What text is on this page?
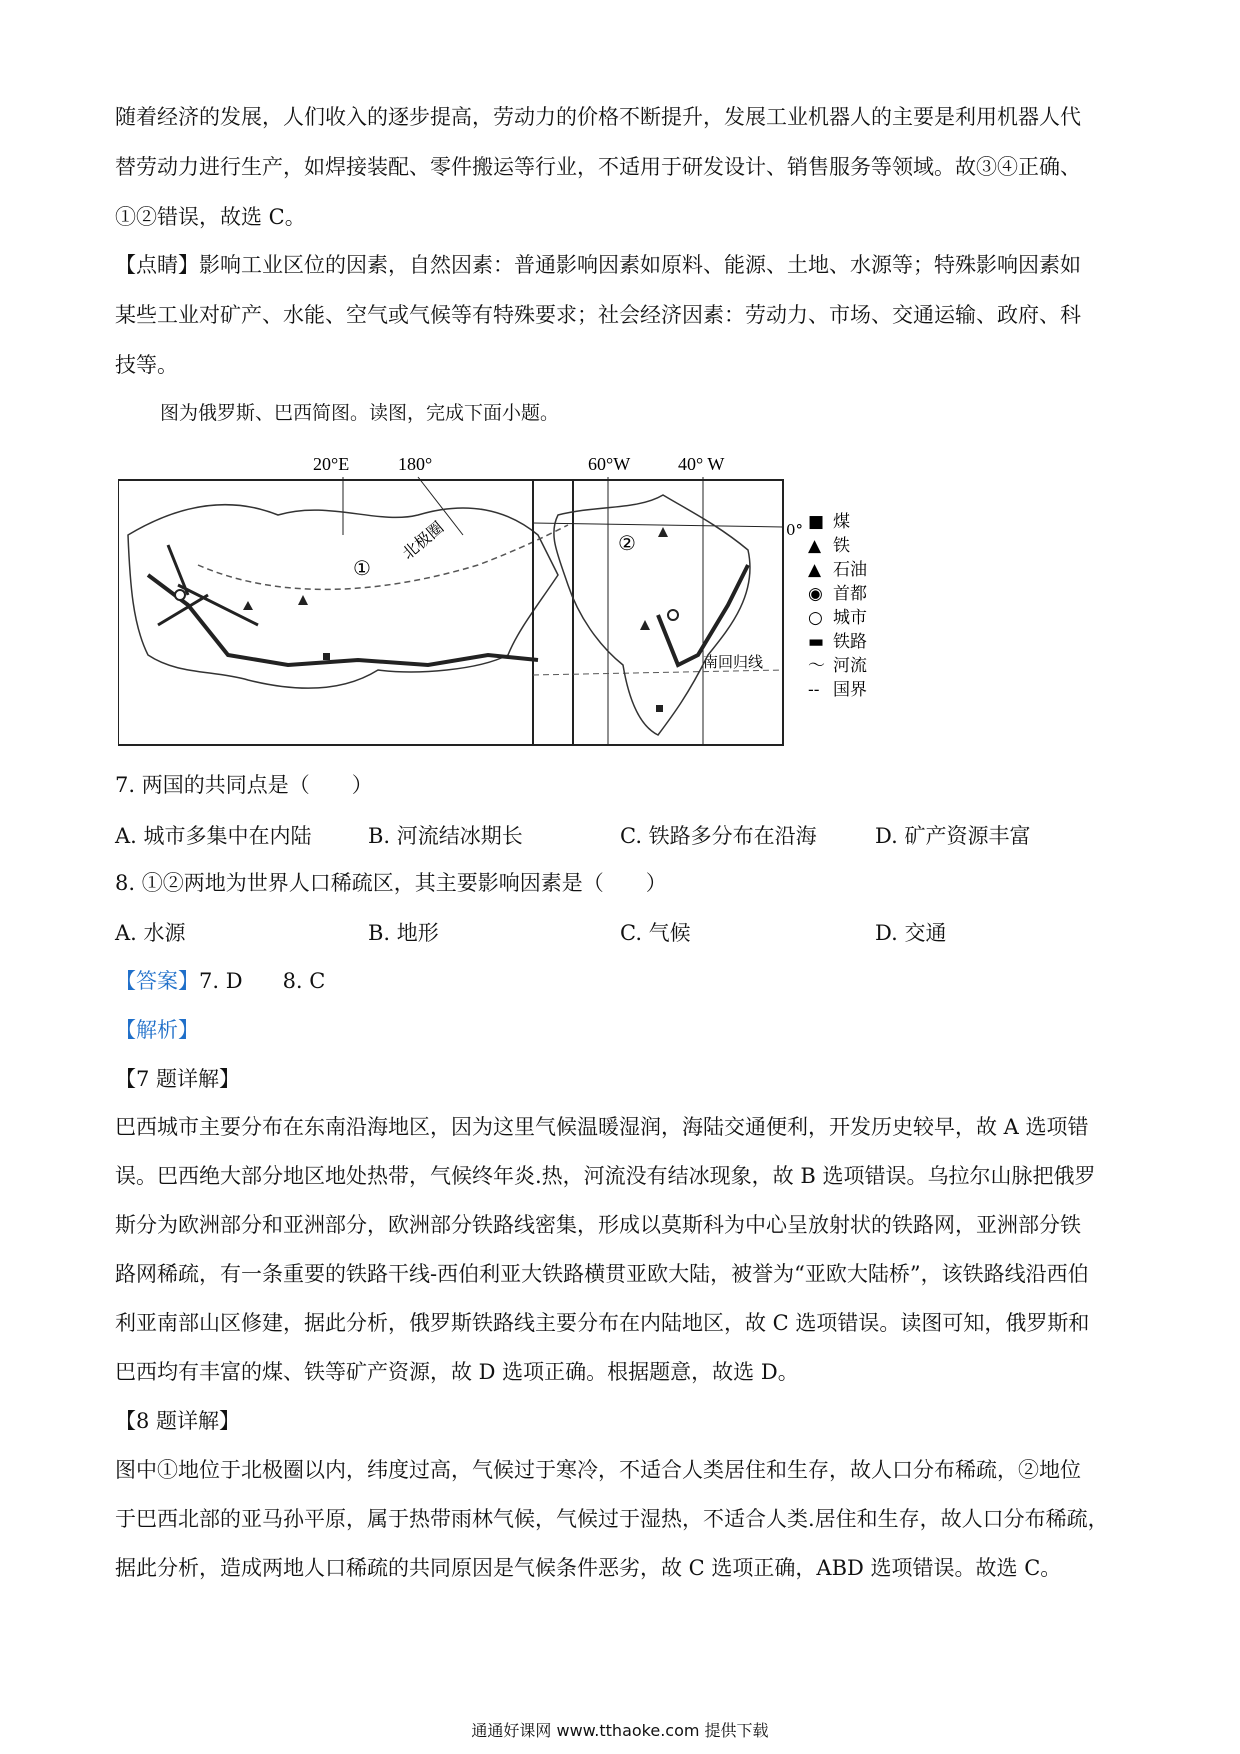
随着经济的发展，人们收入的逐步提高，劳动力的价格不断提升，发展工业机器人的主要是利用机器人代
替劳动力进行生产，如焊接装配、零件搬运等行业，不适用于研发设计、销售服务等领域。故③④正确、
①②错误，故选 C。
【点睛】影响工业区位的因素，自然因素：普通影响因素如原料、能源、土地、水源等；特殊影响因素如
某些工业对矿产、水能、空气或气候等有特殊要求；社会经济因素：劳动力、市场、交通运输、政府、科
技等。
图为俄罗斯、巴西简图。读图，完成下面小题。
20°E	180°
①
北极圈
60°W	40° W
0°
南回归线
②
■ 煤
▲ 铁
▲ 石油
◉ 首都
○ 城市
▬ 铁路
〜 河流
-- 国界
7. 两国的共同点是（　　）
A. 城市多集中在内陆	B. 河流结冰期长	C. 铁路多分布在沿海	D. 矿产资源丰富
8. ①②两地为世界人口稀疏区，其主要影响因素是（　　）
A. 水源	B. 地形	C. 气候	D. 交通
【答案】7. D 8. C
【解析】
【7 题详解】
巴西城市主要分布在东南沿海地区，因为这里气候温暖湿润，海陆交通便利，开发历史较早，故 A 选项错
误。巴西绝大部分地区地处热带，气候终年炎.热，河流没有结冰现象，故 B 选项错误。乌拉尔山脉把俄罗
斯分为欧洲部分和亚洲部分，欧洲部分铁路线密集，形成以莫斯科为中心呈放射状的铁路网，亚洲部分铁
路网稀疏，有一条重要的铁路干线-西伯利亚大铁路横贯亚欧大陆，被誉为“亚欧大陆桥”，该铁路线沿西伯
利亚南部山区修建，据此分析，俄罗斯铁路线主要分布在内陆地区，故 C 选项错误。读图可知，俄罗斯和
巴西均有丰富的煤、铁等矿产资源，故 D 选项正确。根据题意，故选 D。
【8 题详解】
图中①地位于北极圈以内，纬度过高，气候过于寒冷，不适合人类居住和生存，故人口分布稀疏，②地位
于巴西北部的亚马孙平原，属于热带雨林气候，气候过于湿热，不适合人类.居住和生存，故人口分布稀疏，
据此分析，造成两地人口稀疏的共同原因是气候条件恶劣，故 C 选项正确，ABD 选项错误。故选 C。
通通好课网 www.tthaoke.com 提供下载
